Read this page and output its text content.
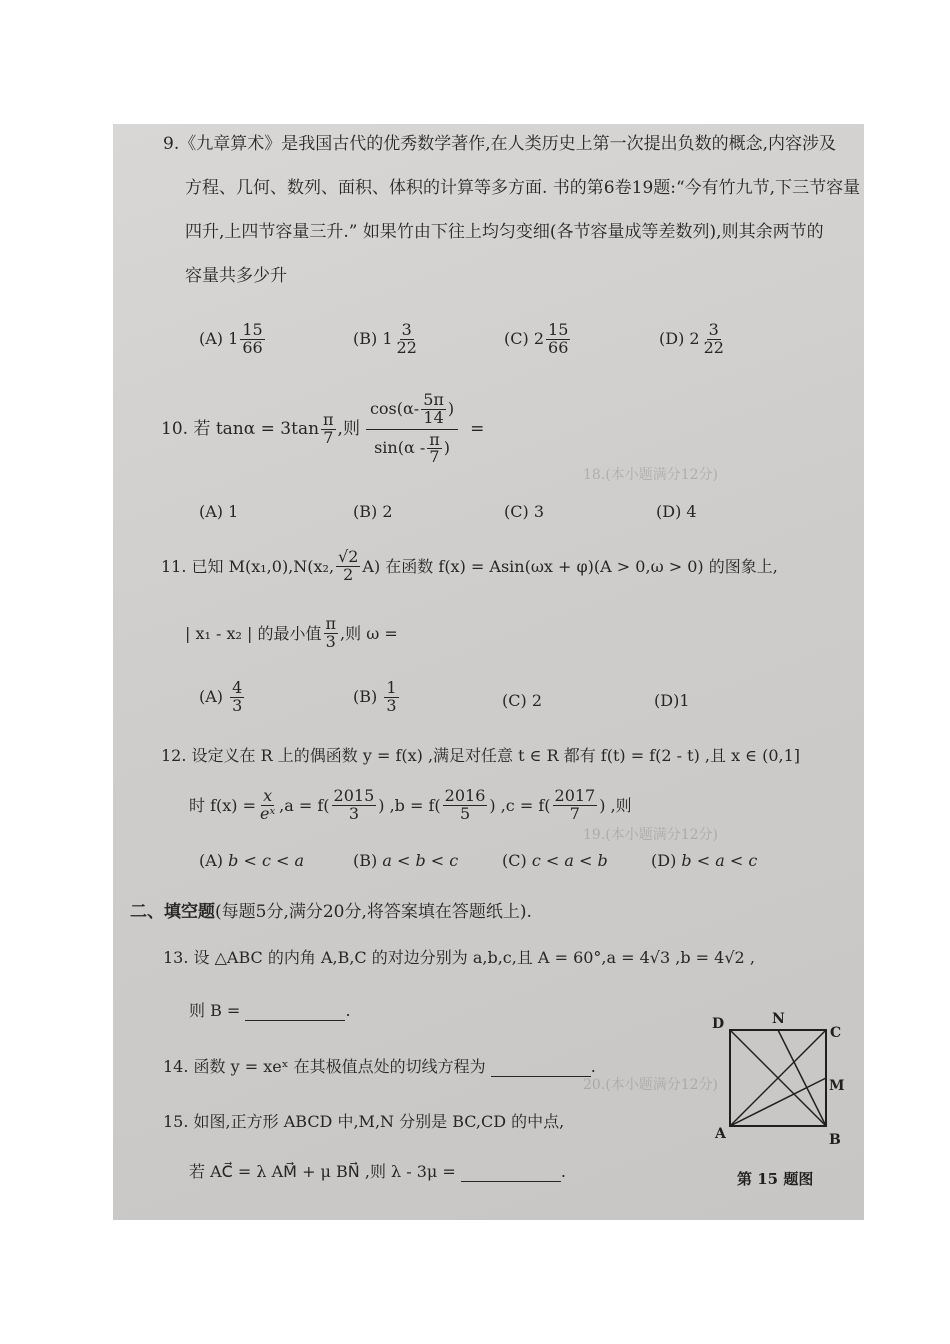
18.(本小题满分12分)
19.(本小题满分12分)
20.(本小题满分12分)
9.《九章算术》是我国古代的优秀数学著作,在人类历史上第一次提出负数的概念,内容涉及
方程、几何、数列、面积、体积的计算等多方面. 书的第6卷19题:“今有竹九节,下三节容量
四升,上四节容量三升.” 如果竹由下往上均匀变细(各节容量成等差数列),则其余两节的
容量共多少升
(A) $1 \frac{15}{66}$	(B) $1 \frac{3}{22}$	(C) $2 \frac{15}{66}$	(D) $2 \frac{3}{22}$
10. 若 $\tan\alpha = 3\tan \frac{\pi}{7}$ ,则 $\frac{\cos(\alpha- \frac{5\pi}{14} )}{\sin(\alpha - \frac{\pi}{7} )}$ =
(A) 1	(B) 2	(C) 3	(D) 4
11. 已知 M(x₁,0),N(x₂, $\frac{√2}{2} A$) 在函数 f(x) = Asin(ωx + φ)(A > 0,ω > 0) 的图象上,
| x₁ - x₂ | 的最小值 $\frac{\pi}{3}$ ,则 ω =
$(A) \frac{4}{3}$	$(B) \frac{1}{3}$	(C) 2	(D)1
12. 设定义在 R 上的偶函数 y = f(x) ,满足对任意 t ∈ R 都有 f(t) = f(2 - t) ,且 x ∈ (0,1]
时 $f(x) = \frac{x}{\text{eˣ}} ,a = f( \frac{2015}{3}$ ) $,b = f( \frac{2016}{5}$ ) $,c = f( \frac{2017}{7}$ ) ,则
(A) b < c < a	(B) a < b < c	(C) c < a < b	(D) b < a < c
二、填空题(每题5分,满分20分,将答案填在答题纸上).
13. 设 △ABC 的内角 A,B,C 的对边分别为 a,b,c,且 A = 60°,a = 4√3 ,b = 4√2 ,
则 B =	.
14. 函数 y = xeˣ 在其极值点处的切线方程为	.
15. 如图,正方形 ABCD 中,M,N 分别是 BC,CD 的中点,
若 AC⃗ = λ AM⃗ + μ BN⃗ ,则 λ - 3μ =	.
D	N
C
M
A	B
第 15 题图
